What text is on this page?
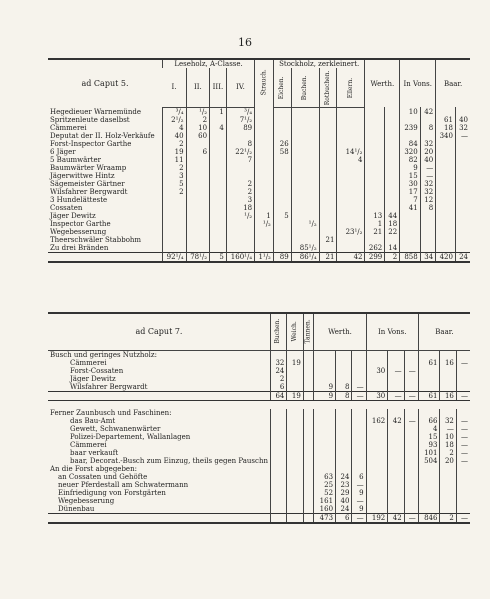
16
ad Caput 5.	Leseholz, A-Classe.				Strauch.	Stockholz, zerkleinert.				Werth.		In Vons.		Baar.	
	I.	II.	III.	IV.		Eichen.	Buchen.	Rotbuchen.	Ellern.						
Hegedieuer Warnemünde	³/₄	¹/₂	1	³/₄								10	42		
Spritzenleute daselbst	2¹/₂	2		7¹/₂										61	40
Cämmerei	4	10	4	89								239	8	18	32
Deputat der II. Holz-Verkäufe	40	60												340	—
Forst-Inspector Garthe	2			8		26						84	32		
6 Jäger	19	6		22¹/₂		58			14¹/₂			320	20		
5 Baumwärter	11			7					4			82	40		
Baumwärter Wraamp	2											9	—		
Jägerwittwe Hintz	3											15	—		
Sägemeister Gärtner	5			2								30	32		
Wilsfahrer Bergwardt	2			2								17	32		
3 Hundelätteste				3								7	12		
Cossaten				18								41	8		
Jäger Dewitz				¹/₂	1	5				13	44				
Inspector Garthe					¹/₂		¹/₂			1	18				
Wegebesserung									23¹/₂	21	22				
Theerschwäler Stabbohm								21							
Zu drei Bränden							85¹/₂			262	14				
	92¹/₄	78¹/₂	5	160¹/₄	1¹/₂	89	86¹/₄	21	42	299	2	858	34	420	24
ad Caput 7.	Buchen.	Weich.	Tannen.	Werth.			In Vons.			Baar.		
Busch und geringes Nutzholz:												
Cämmerei	32	19								61	16	—
Forst-Cossaten	24						30	—	—			
Jäger Dewitz	2											
Wilsfahrer Bergwardt	6			9	8	—						
	64	19		9	8	—	30	—	—	61	16	—

Ferner Zaunbusch und Faschinen:												
das Bau-Amt							162	42	—	66	32	—
Gewett, Schwanenwärter										4	—	—
Polizei-Departement, Wallanlagen										15	10	—
Cämmerei										93	18	—
baar verkauft										101	2	—
baar, Decorat.-Busch zum Einzug, theils gegen Pauschn										504	20	—
An die Forst abgegeben:												
an Cossaten und Gehöfte				63	24	6						
neuer Pferdestall am Schwatermann				25	23	—						
Einfriedigung von Forstgärten				52	29	9						
Wegebesserung				161	40	—						
Dünenbau				160	24	9						
				473	6	—	192	42	—	846	2	—
